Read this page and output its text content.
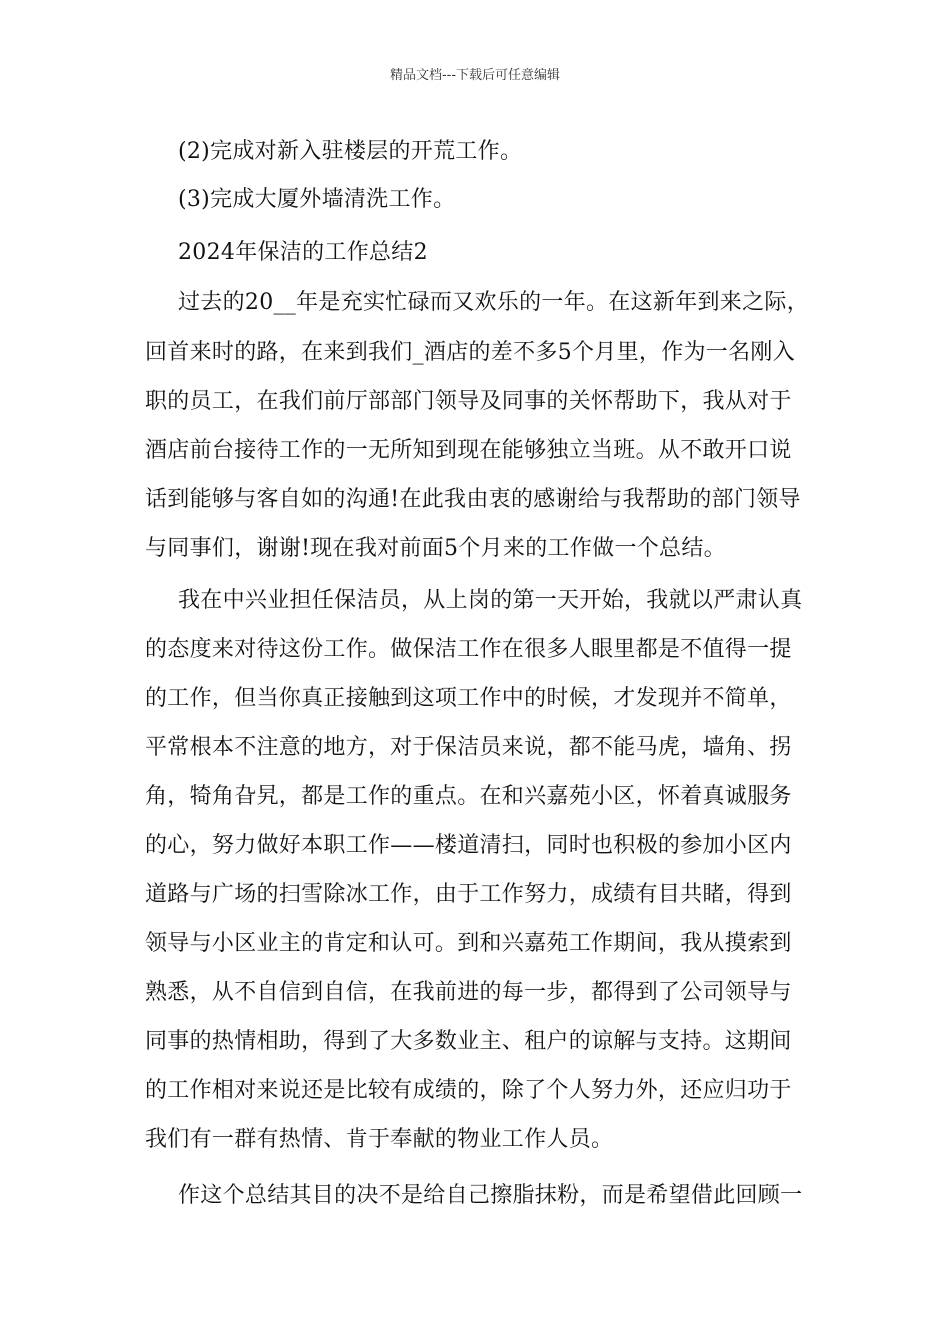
精品文档---下载后可任意编辑
(2)完成对新入驻楼层的开荒工作。
(3)完成大厦外墙清洗工作。
2024年保洁的工作总结2
过去的20__年是充实忙碌而又欢乐的一年。在这新年到来之际，
回首来时的路，在来到我们_酒店的差不多5个月里，作为一名刚入
职的员工，在我们前厅部部门领导及同事的关怀帮助下，我从对于
酒店前台接待工作的一无所知到现在能够独立当班。从不敢开口说
话到能够与客自如的沟通!在此我由衷的感谢给与我帮助的部门领导
与同事们，谢谢!现在我对前面5个月来的工作做一个总结。
我在中兴业担任保洁员，从上岗的第一天开始，我就以严肃认真
的态度来对待这份工作。做保洁工作在很多人眼里都是不值得一提
的工作，但当你真正接触到这项工作中的时候，才发现并不简单，
平常根本不注意的地方，对于保洁员来说，都不能马虎，墙角、拐
角，犄角旮旯，都是工作的重点。在和兴嘉苑小区，怀着真诚服务
的心，努力做好本职工作——楼道清扫，同时也积极的参加小区内
道路与广场的扫雪除冰工作，由于工作努力，成绩有目共睹，得到
领导与小区业主的肯定和认可。到和兴嘉苑工作期间，我从摸索到
熟悉，从不自信到自信，在我前进的每一步，都得到了公司领导与
同事的热情相助，得到了大多数业主、租户的谅解与支持。这期间
的工作相对来说还是比较有成绩的，除了个人努力外，还应归功于
我们有一群有热情、肯于奉献的物业工作人员。
作这个总结其目的决不是给自己擦脂抹粉，而是希望借此回顾一
